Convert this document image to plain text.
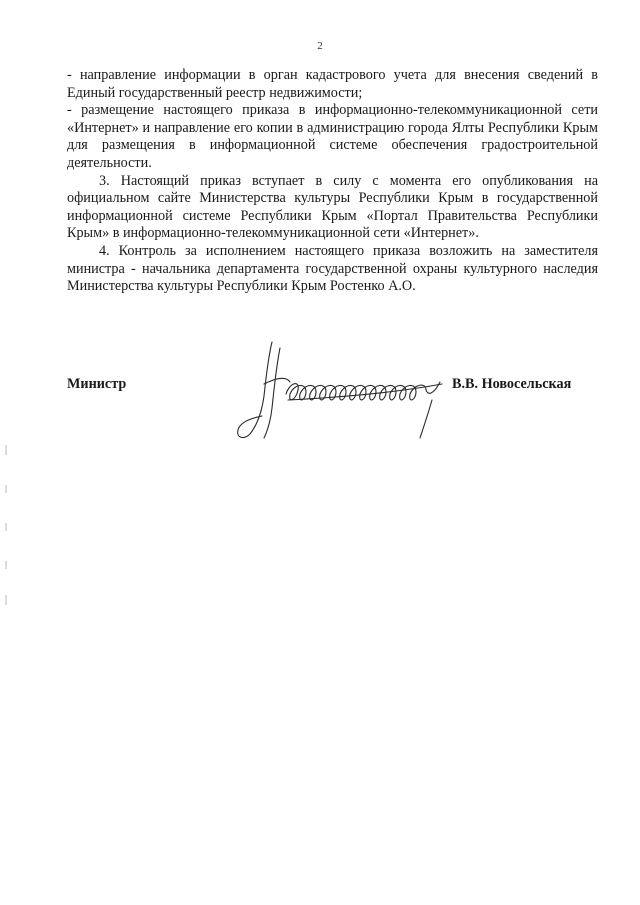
2

- направление информации в орган кадастрового учета для внесения сведений в Единый государственный реестр недвижимости;

- размещение настоящего приказа в информационно-телекоммуникационной сети «Интернет» и направление его копии в администрацию города Ялты Республики Крым для размещения в информационной системе обеспечения градостроительной деятельности.

3. Настоящий приказ вступает в силу с момента его опубликования на официальном сайте Министерства культуры Республики Крым в государственной информационной системе Республики Крым «Портал Правительства Республики Крым» в информационно-телекоммуникационной сети «Интернет».

4. Контроль за исполнением настоящего приказа возложить на заместителя министра - начальника департамента государственной охраны культурного наследия Министерства культуры Республики Крым Ростенко А.О.

Министр	В.В. Новосельская
